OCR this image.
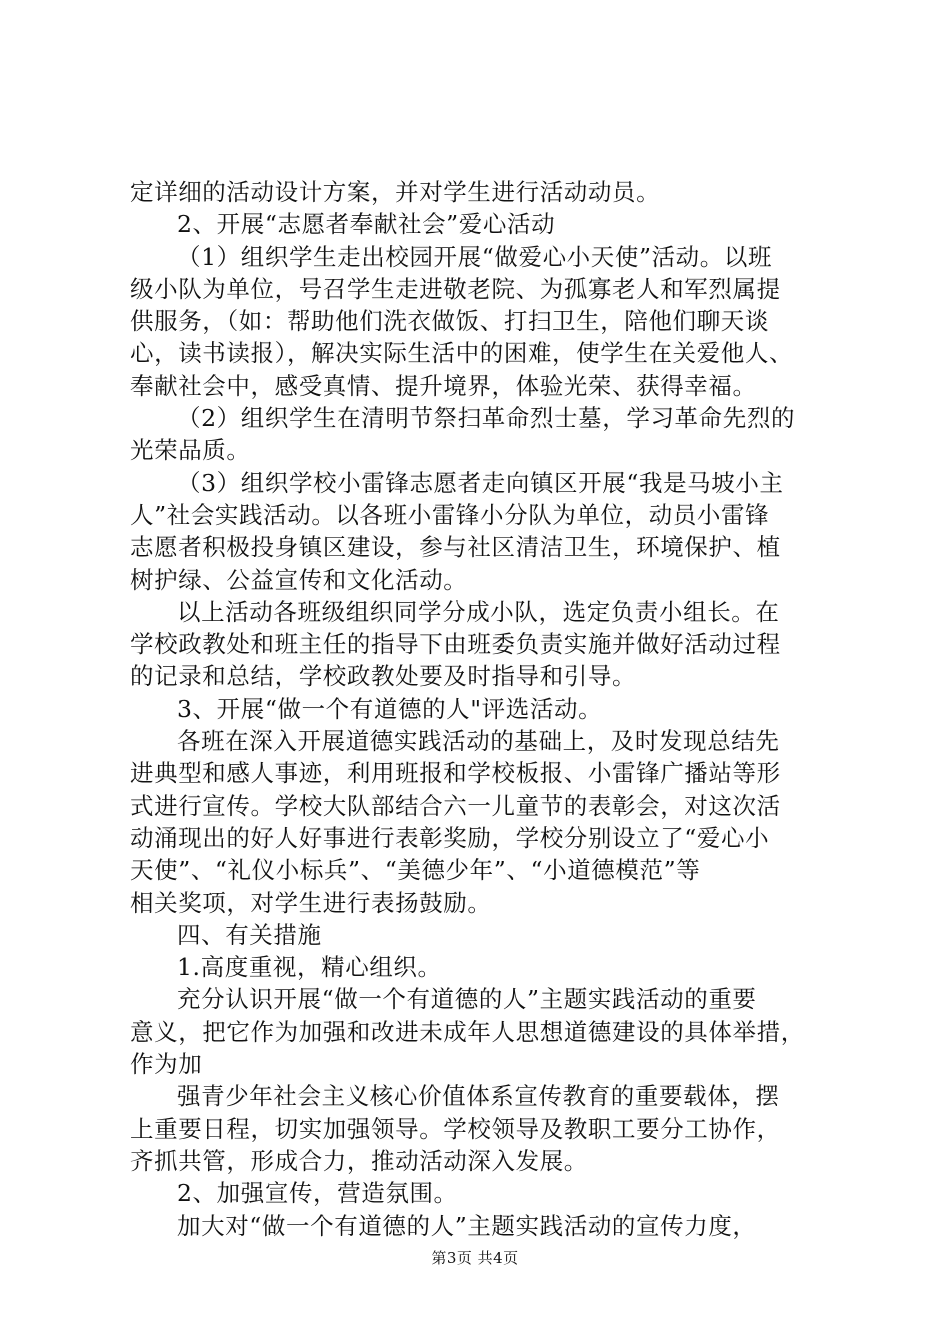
定详细的活动设计方案，并对学生进行活动动员。
2、开展“志愿者奉献社会”爱心活动
（1）组织学生走出校园开展“做爱心小天使”活动。以班
级小队为单位，号召学生走进敬老院、为孤寡老人和军烈属提
供服务，（如：帮助他们洗衣做饭、打扫卫生，陪他们聊天谈
心，读书读报），解决实际生活中的困难，使学生在关爱他人、
奉献社会中，感受真情、提升境界，体验光荣、获得幸福。
（2）组织学生在清明节祭扫革命烈士墓，学习革命先烈的
光荣品质。
（3）组织学校小雷锋志愿者走向镇区开展“我是马坡小主
人”社会实践活动。以各班小雷锋小分队为单位，动员小雷锋
志愿者积极投身镇区建设，参与社区清洁卫生，环境保护、植
树护绿、公益宣传和文化活动。
以上活动各班级组织同学分成小队，选定负责小组长。在
学校政教处和班主任的指导下由班委负责实施并做好活动过程
的记录和总结，学校政教处要及时指导和引导。
3、开展“做一个有道德的人"评选活动。
各班在深入开展道德实践活动的基础上，及时发现总结先
进典型和感人事迹，利用班报和学校板报、小雷锋广播站等形
式进行宣传。学校大队部结合六一儿童节的表彰会，对这次活
动涌现出的好人好事进行表彰奖励，学校分别设立了“爱心小
天使”、“礼仪小标兵”、“美德少年”、“小道德模范”等
相关奖项，对学生进行表扬鼓励。
四、有关措施
1.高度重视，精心组织。
充分认识开展“做一个有道德的人”主题实践活动的重要
意义，把它作为加强和改进未成年人思想道德建设的具体举措，
作为加
强青少年社会主义核心价值体系宣传教育的重要载体，摆
上重要日程，切实加强领导。学校领导及教职工要分工协作，
齐抓共管，形成合力，推动活动深入发展。
2、加强宣传，营造氛围。
加大对“做一个有道德的人”主题实践活动的宣传力度，
第3页 共4页
